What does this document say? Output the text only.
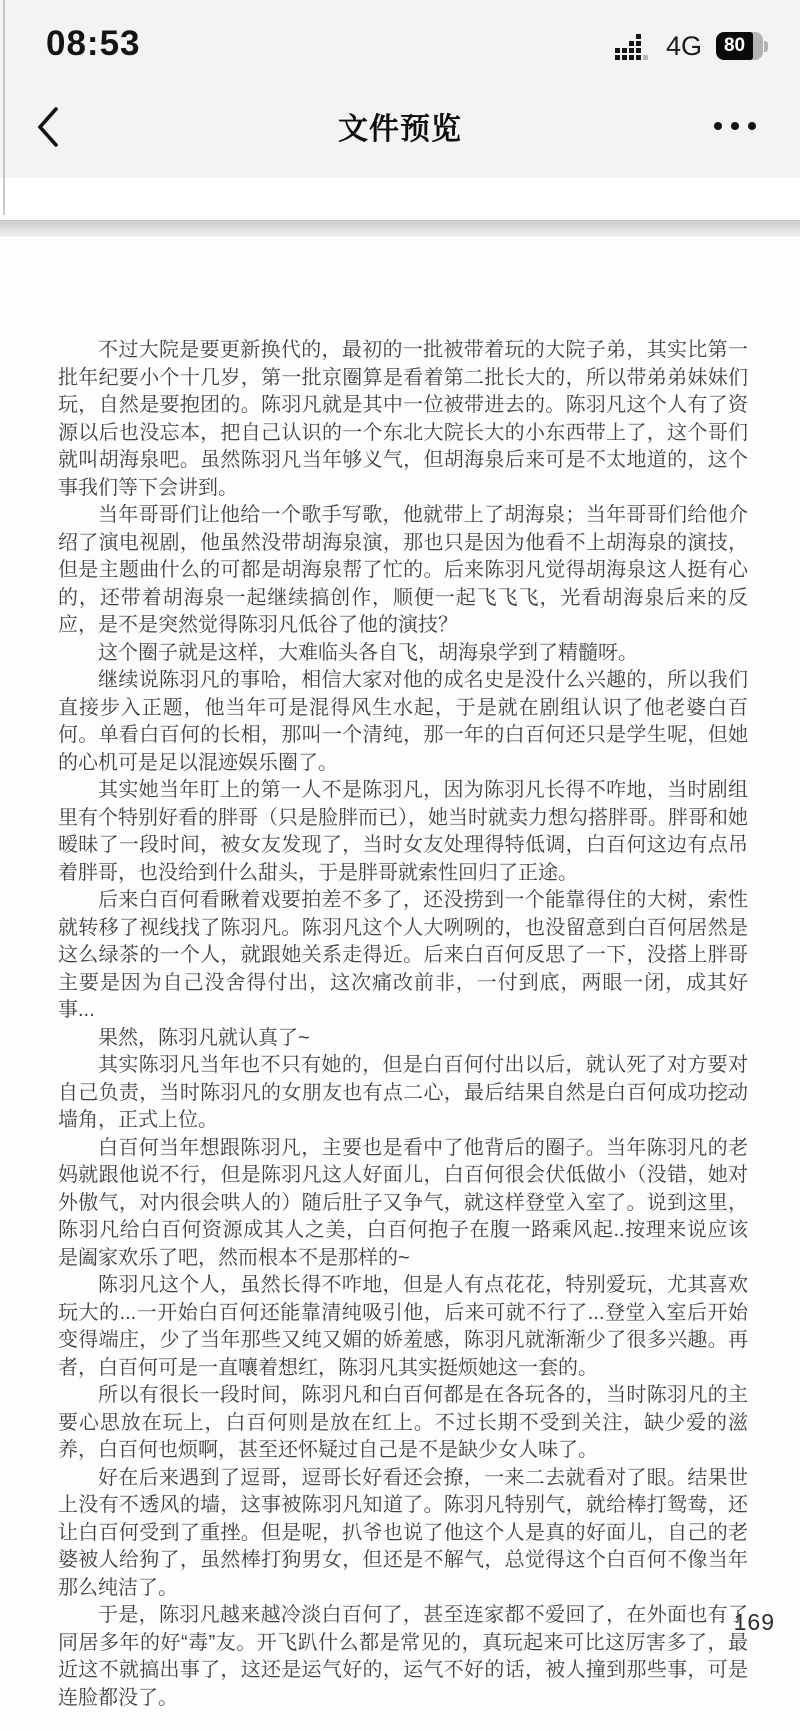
08:53	4G 80
文件预览

不过大院是要更新换代的，最初的一批被带着玩的大院子弟，其实比第一批年纪要小个十几岁，第一批京圈算是看着第二批长大的，所以带弟弟妹妹们玩，自然是要抱团的。陈羽凡就是其中一位被带进去的。陈羽凡这个人有了资源以后也没忘本，把自己认识的一个东北大院长大的小东西带上了，这个哥们就叫胡海泉吧。虽然陈羽凡当年够义气，但胡海泉后来可是不太地道的，这个事我们等下会讲到。

当年哥哥们让他给一个歌手写歌，他就带上了胡海泉；当年哥哥们给他介绍了演电视剧，他虽然没带胡海泉演，那也只是因为他看不上胡海泉的演技，但是主题曲什么的可都是胡海泉帮了忙的。后来陈羽凡觉得胡海泉这人挺有心的，还带着胡海泉一起继续搞创作，顺便一起飞飞飞，光看胡海泉后来的反应，是不是突然觉得陈羽凡低谷了他的演技？

这个圈子就是这样，大难临头各自飞，胡海泉学到了精髓呀。

继续说陈羽凡的事哈，相信大家对他的成名史是没什么兴趣的，所以我们直接步入正题，他当年可是混得风生水起，于是就在剧组认识了他老婆白百何。单看白百何的长相，那叫一个清纯，那一年的白百何还只是学生呢，但她的心机可是足以混迹娱乐圈了。

其实她当年盯上的第一人不是陈羽凡，因为陈羽凡长得不咋地，当时剧组里有个特别好看的胖哥（只是脸胖而已），她当时就卖力想勾搭胖哥。胖哥和她暧昧了一段时间，被女友发现了，当时女友处理得特低调，白百何这边有点吊着胖哥，也没给到什么甜头，于是胖哥就索性回归了正途。

后来白百何看瞅着戏要拍差不多了，还没捞到一个能靠得住的大树，索性就转移了视线找了陈羽凡。陈羽凡这个人大咧咧的，也没留意到白百何居然是这么绿茶的一个人，就跟她关系走得近。后来白百何反思了一下，没搭上胖哥主要是因为自己没舍得付出，这次痛改前非，一付到底，两眼一闭，成其好事...

果然，陈羽凡就认真了~

其实陈羽凡当年也不只有她的，但是白百何付出以后，就认死了对方要对自己负责，当时陈羽凡的女朋友也有点二心，最后结果自然是白百何成功挖动墙角，正式上位。

白百何当年想跟陈羽凡，主要也是看中了他背后的圈子。当年陈羽凡的老妈就跟他说不行，但是陈羽凡这人好面儿，白百何很会伏低做小（没错，她对外傲气，对内很会哄人的）随后肚子又争气，就这样登堂入室了。说到这里，陈羽凡给白百何资源成其人之美，白百何抱子在腹一路乘风起..按理来说应该是阖家欢乐了吧，然而根本不是那样的~

陈羽凡这个人，虽然长得不咋地，但是人有点花花，特别爱玩，尤其喜欢玩大的...一开始白百何还能靠清纯吸引他，后来可就不行了...登堂入室后开始变得端庄，少了当年那些又纯又媚的娇羞感，陈羽凡就渐渐少了很多兴趣。再者，白百何可是一直嚷着想红，陈羽凡其实挺烦她这一套的。

所以有很长一段时间，陈羽凡和白百何都是在各玩各的，当时陈羽凡的主要心思放在玩上，白百何则是放在红上。不过长期不受到关注，缺少爱的滋养，白百何也烦啊，甚至还怀疑过自己是不是缺少女人味了。

好在后来遇到了逗哥，逗哥长好看还会撩，一来二去就看对了眼。结果世上没有不透风的墙，这事被陈羽凡知道了。陈羽凡特别气，就给棒打鸳鸯，还让白百何受到了重挫。但是呢，扒爷也说了他这个人是真的好面儿，自己的老婆被人给狗了，虽然棒打狗男女，但还是不解气，总觉得这个白百何不像当年那么纯洁了。

于是，陈羽凡越来越冷淡白百何了，甚至连家都不爱回了，在外面也有了同居多年的好“毒”友。开飞趴什么都是常见的，真玩起来可比这厉害多了，最近这不就搞出事了，这还是运气好的，运气不好的话，被人撞到那些事，可是连脸都没了。

169
